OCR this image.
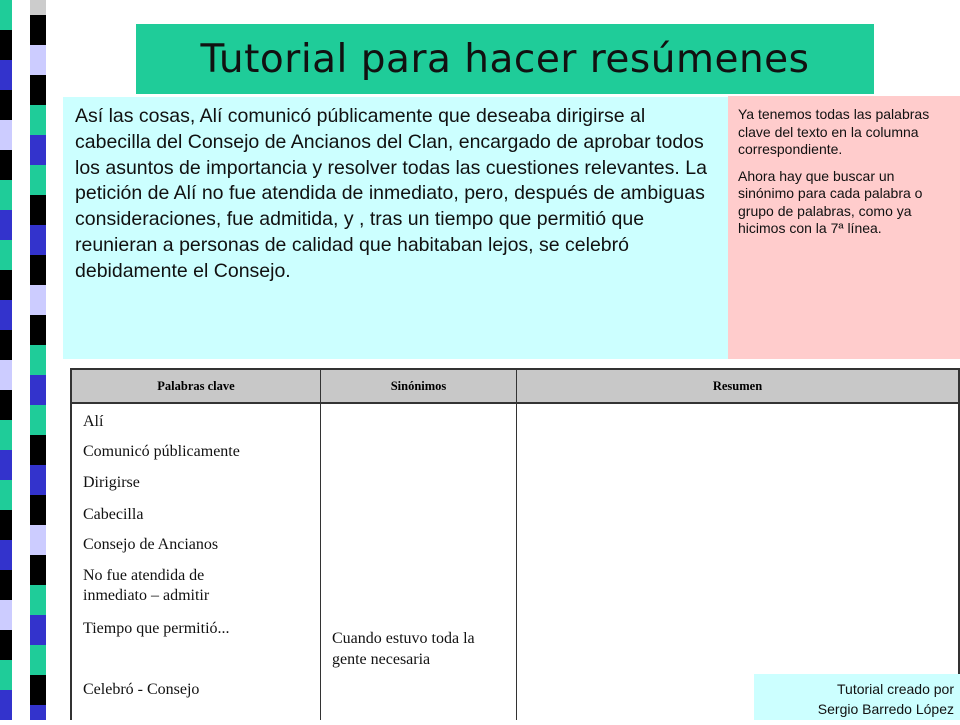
Tutorial para hacer resúmenes
Así las cosas, Alí comunicó públicamente que deseaba dirigirse al cabecilla del Consejo de Ancianos del Clan, encargado de aprobar todos los asuntos de importancia y resolver todas las cuestiones relevantes. La petición de Alí no fue atendida de inmediato, pero, después de ambiguas consideraciones, fue admitida, y , tras un tiempo que permitió que reunieran a personas de calidad que habitaban lejos, se celebró debidamente el Consejo.

Ya tenemos todas las palabras clave del texto en la columna correspondiente.

Ahora hay que buscar un sinónimo para cada palabra o grupo de palabras, como ya hicimos con la 7ª línea.

Palabras clave	Sinónimos	Resumen
Alí
Comunicó públicamente
Dirigirse
Cabecilla
Consejo de Ancianos
No fue atendida de inmediato – admitir
Tiempo que permitió...
Celebró - Consejo
Cuando estuvo toda la gente necesaria
Tutorial creado por
Sergio Barredo López
